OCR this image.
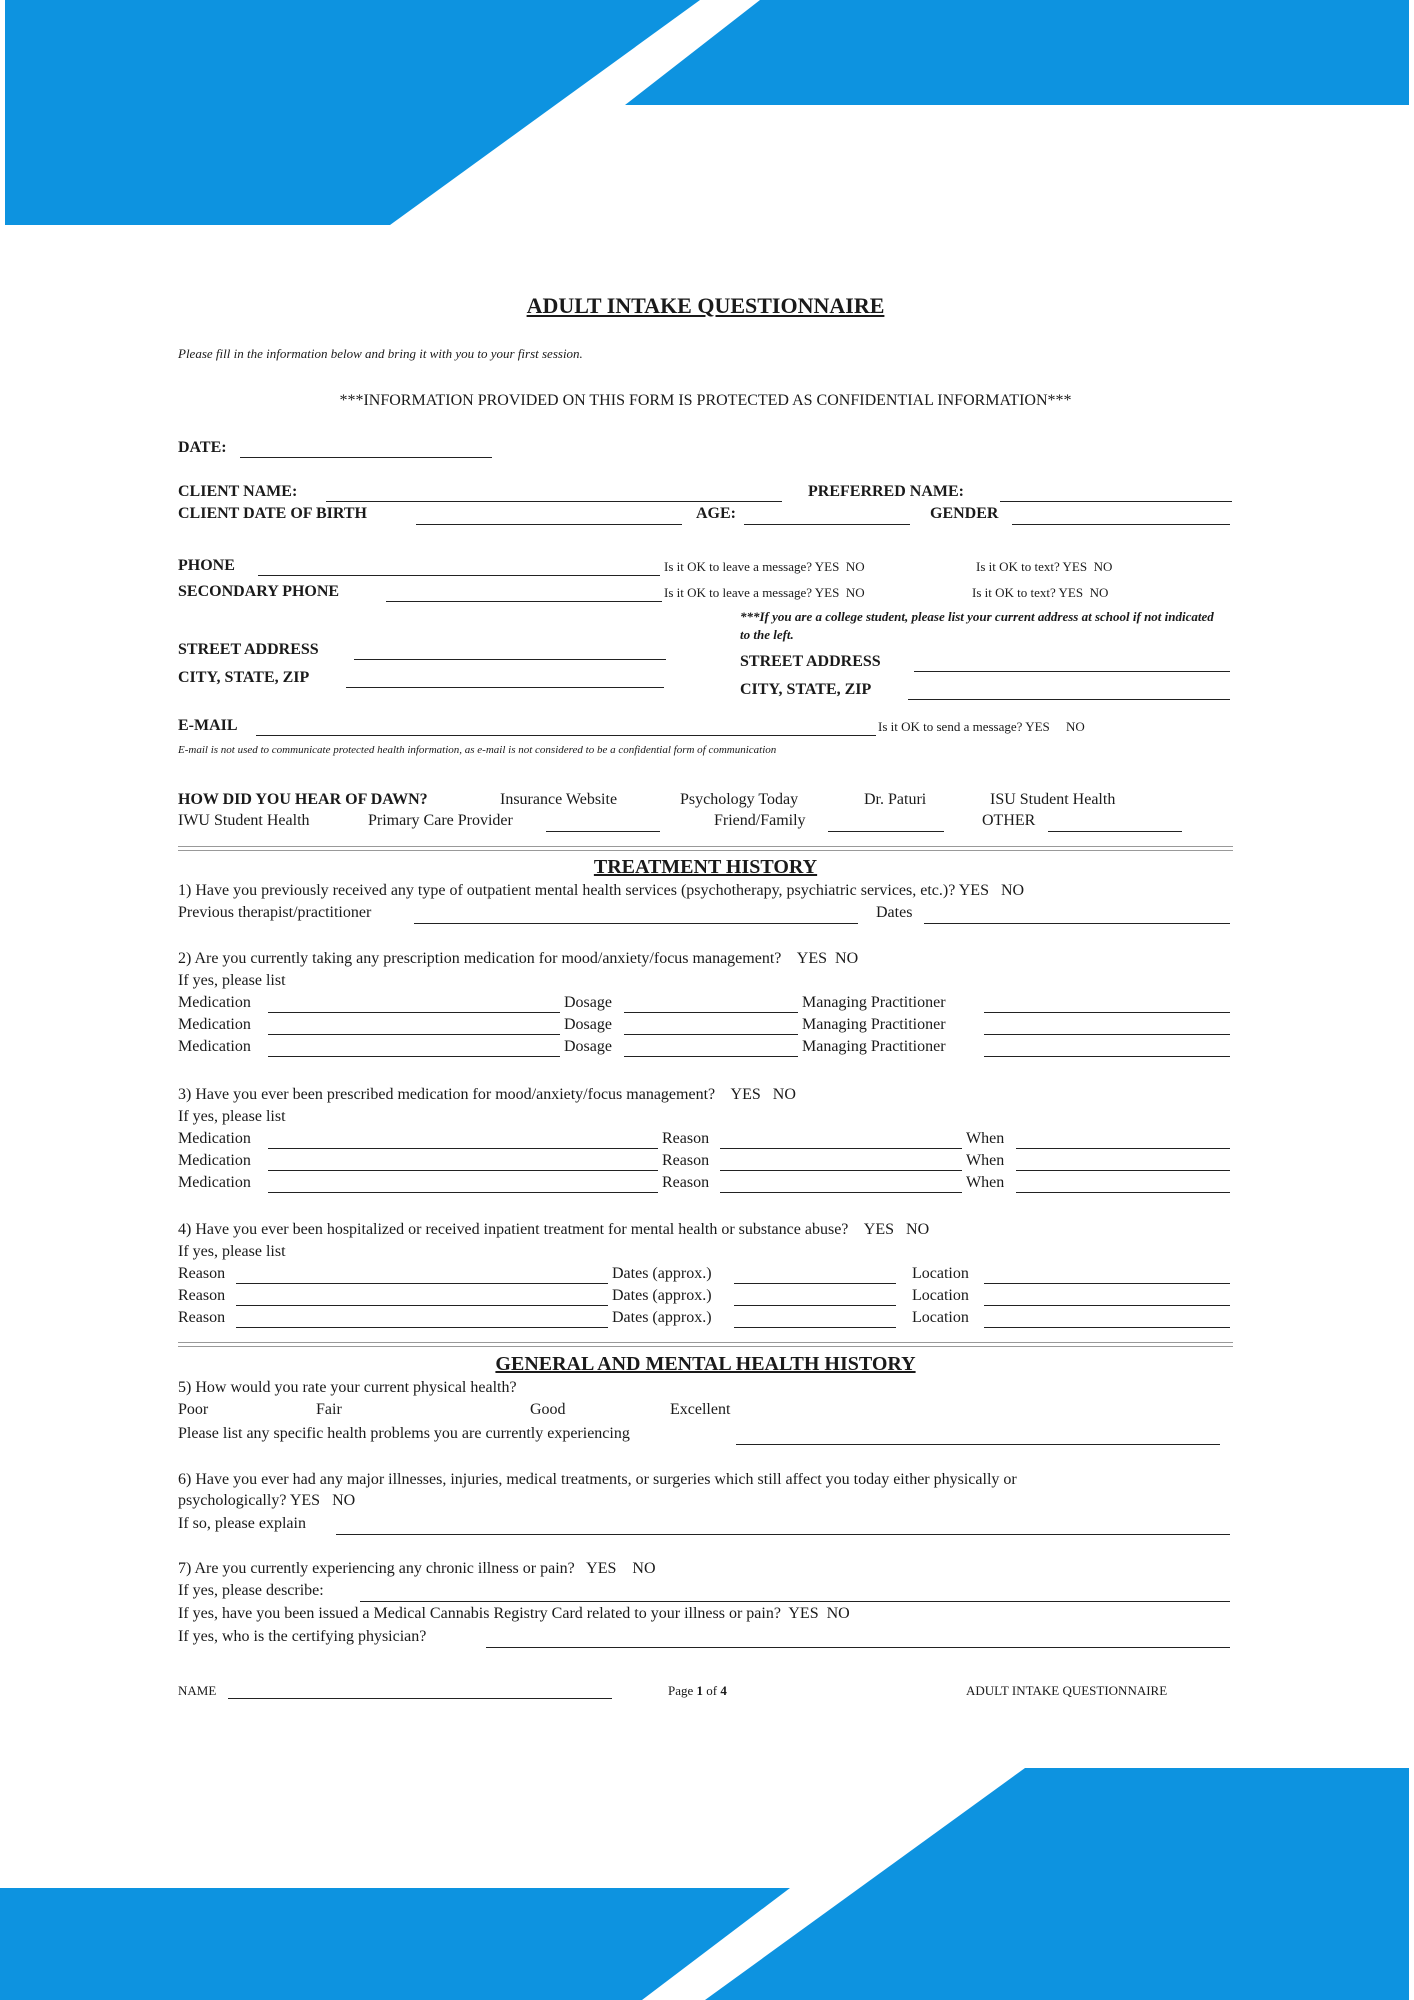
ADULT INTAKE QUESTIONNAIRE
Please fill in the information below and bring it with you to your first session.
***INFORMATION PROVIDED ON THIS FORM IS PROTECTED AS CONFIDENTIAL INFORMATION***
DATE:
CLIENT NAME:	PREFERRED NAME:
CLIENT DATE OF BIRTH	AGE:	GENDER
PHONE	Is it OK to leave a message? YES NO	Is it OK to text? YES NO
SECONDARY PHONE	Is it OK to leave a message? YES NO	Is it OK to text? YES NO
***If you are a college student, please list your current address at school if not indicated to the left.
STREET ADDRESS
CITY, STATE, ZIP
STREET ADDRESS
CITY, STATE, ZIP
E-MAIL	Is it OK to send a message? YES NO
E-mail is not used to communicate protected health information, as e-mail is not considered to be a confidential form of communication
HOW DID YOU HEAR OF DAWN?	Insurance Website	Psychology Today	Dr. Paturi	ISU Student Health
IWU Student Health	Primary Care Provider	Friend/Family	OTHER
TREATMENT HISTORY
1) Have you previously received any type of outpatient mental health services (psychotherapy, psychiatric services, etc.)? YES NO
Previous therapist/practitioner	Dates
2) Are you currently taking any prescription medication for mood/anxiety/focus management? YES NO
If yes, please list
Medication	Dosage	Managing Practitioner
Medication	Dosage	Managing Practitioner
Medication	Dosage	Managing Practitioner
3) Have you ever been prescribed medication for mood/anxiety/focus management? YES NO
If yes, please list
Medication	Reason	When
Medication	Reason	When
Medication	Reason	When
4) Have you ever been hospitalized or received inpatient treatment for mental health or substance abuse? YES NO
If yes, please list
Reason	Dates (approx.)	Location
Reason	Dates (approx.)	Location
Reason	Dates (approx.)	Location
GENERAL AND MENTAL HEALTH HISTORY
5) How would you rate your current physical health?
Poor	Fair	Good	Excellent
Please list any specific health problems you are currently experiencing
6) Have you ever had any major illnesses, injuries, medical treatments, or surgeries which still affect you today either physically or
psychologically? YES NO
If so, please explain
7) Are you currently experiencing any chronic illness or pain? YES NO
If yes, please describe:
If yes, have you been issued a Medical Cannabis Registry Card related to your illness or pain? YES NO
If yes, who is the certifying physician?
NAME	Page 1 of 4	ADULT INTAKE QUESTIONNAIRE
